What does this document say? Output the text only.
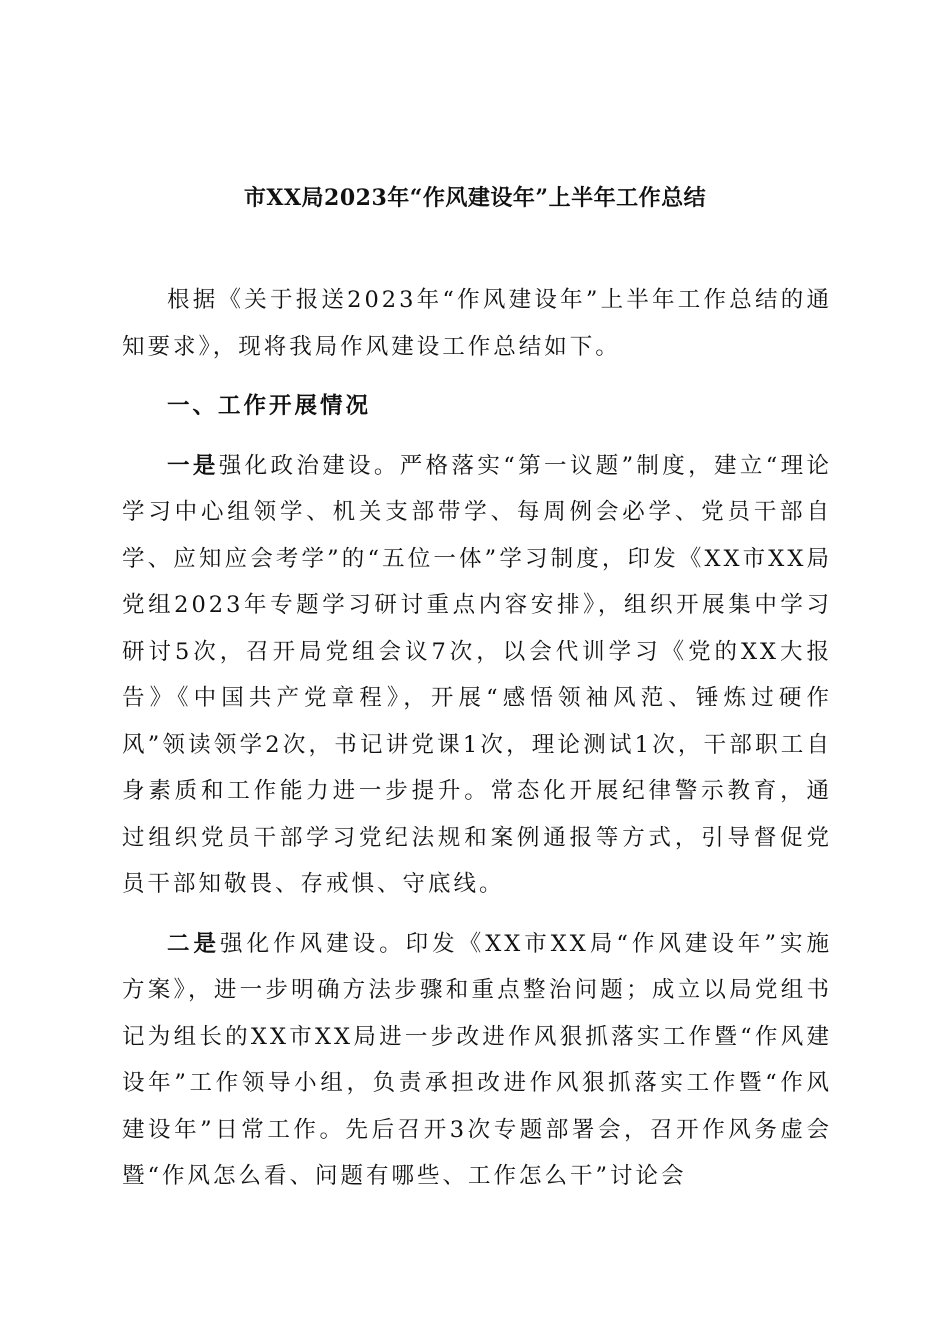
市XX局2023年“作风建设年”上半年工作总结

根据《关于报送2023年“作风建设年”上半年工作总结的通知要求》，现将我局作风建设工作总结如下。

一、工作开展情况

一是强化政治建设。严格落实“第一议题”制度，建立“理论学习中心组领学、机关支部带学、每周例会必学、党员干部自学、应知应会考学”的“五位一体”学习制度，印发《XX市XX局党组2023年专题学习研讨重点内容安排》，组织开展集中学习研讨5次，召开局党组会议7次，以会代训学习《党的XX大报告》《中国共产党章程》，开展“感悟领袖风范、锤炼过硬作风”领读领学2次，书记讲党课1次，理论测试1次，干部职工自身素质和工作能力进一步提升。常态化开展纪律警示教育，通过组织党员干部学习党纪法规和案例通报等方式，引导督促党员干部知敬畏、存戒惧、守底线。

二是强化作风建设。印发《XX市XX局“作风建设年”实施方案》，进一步明确方法步骤和重点整治问题；成立以局党组书记为组长的XX市XX局进一步改进作风狠抓落实工作暨“作风建设年”工作领导小组，负责承担改进作风狠抓落实工作暨“作风建设年”日常工作。先后召开3次专题部署会，召开作风务虚会暨“作风怎么看、问题有哪些、工作怎么干”讨论会
